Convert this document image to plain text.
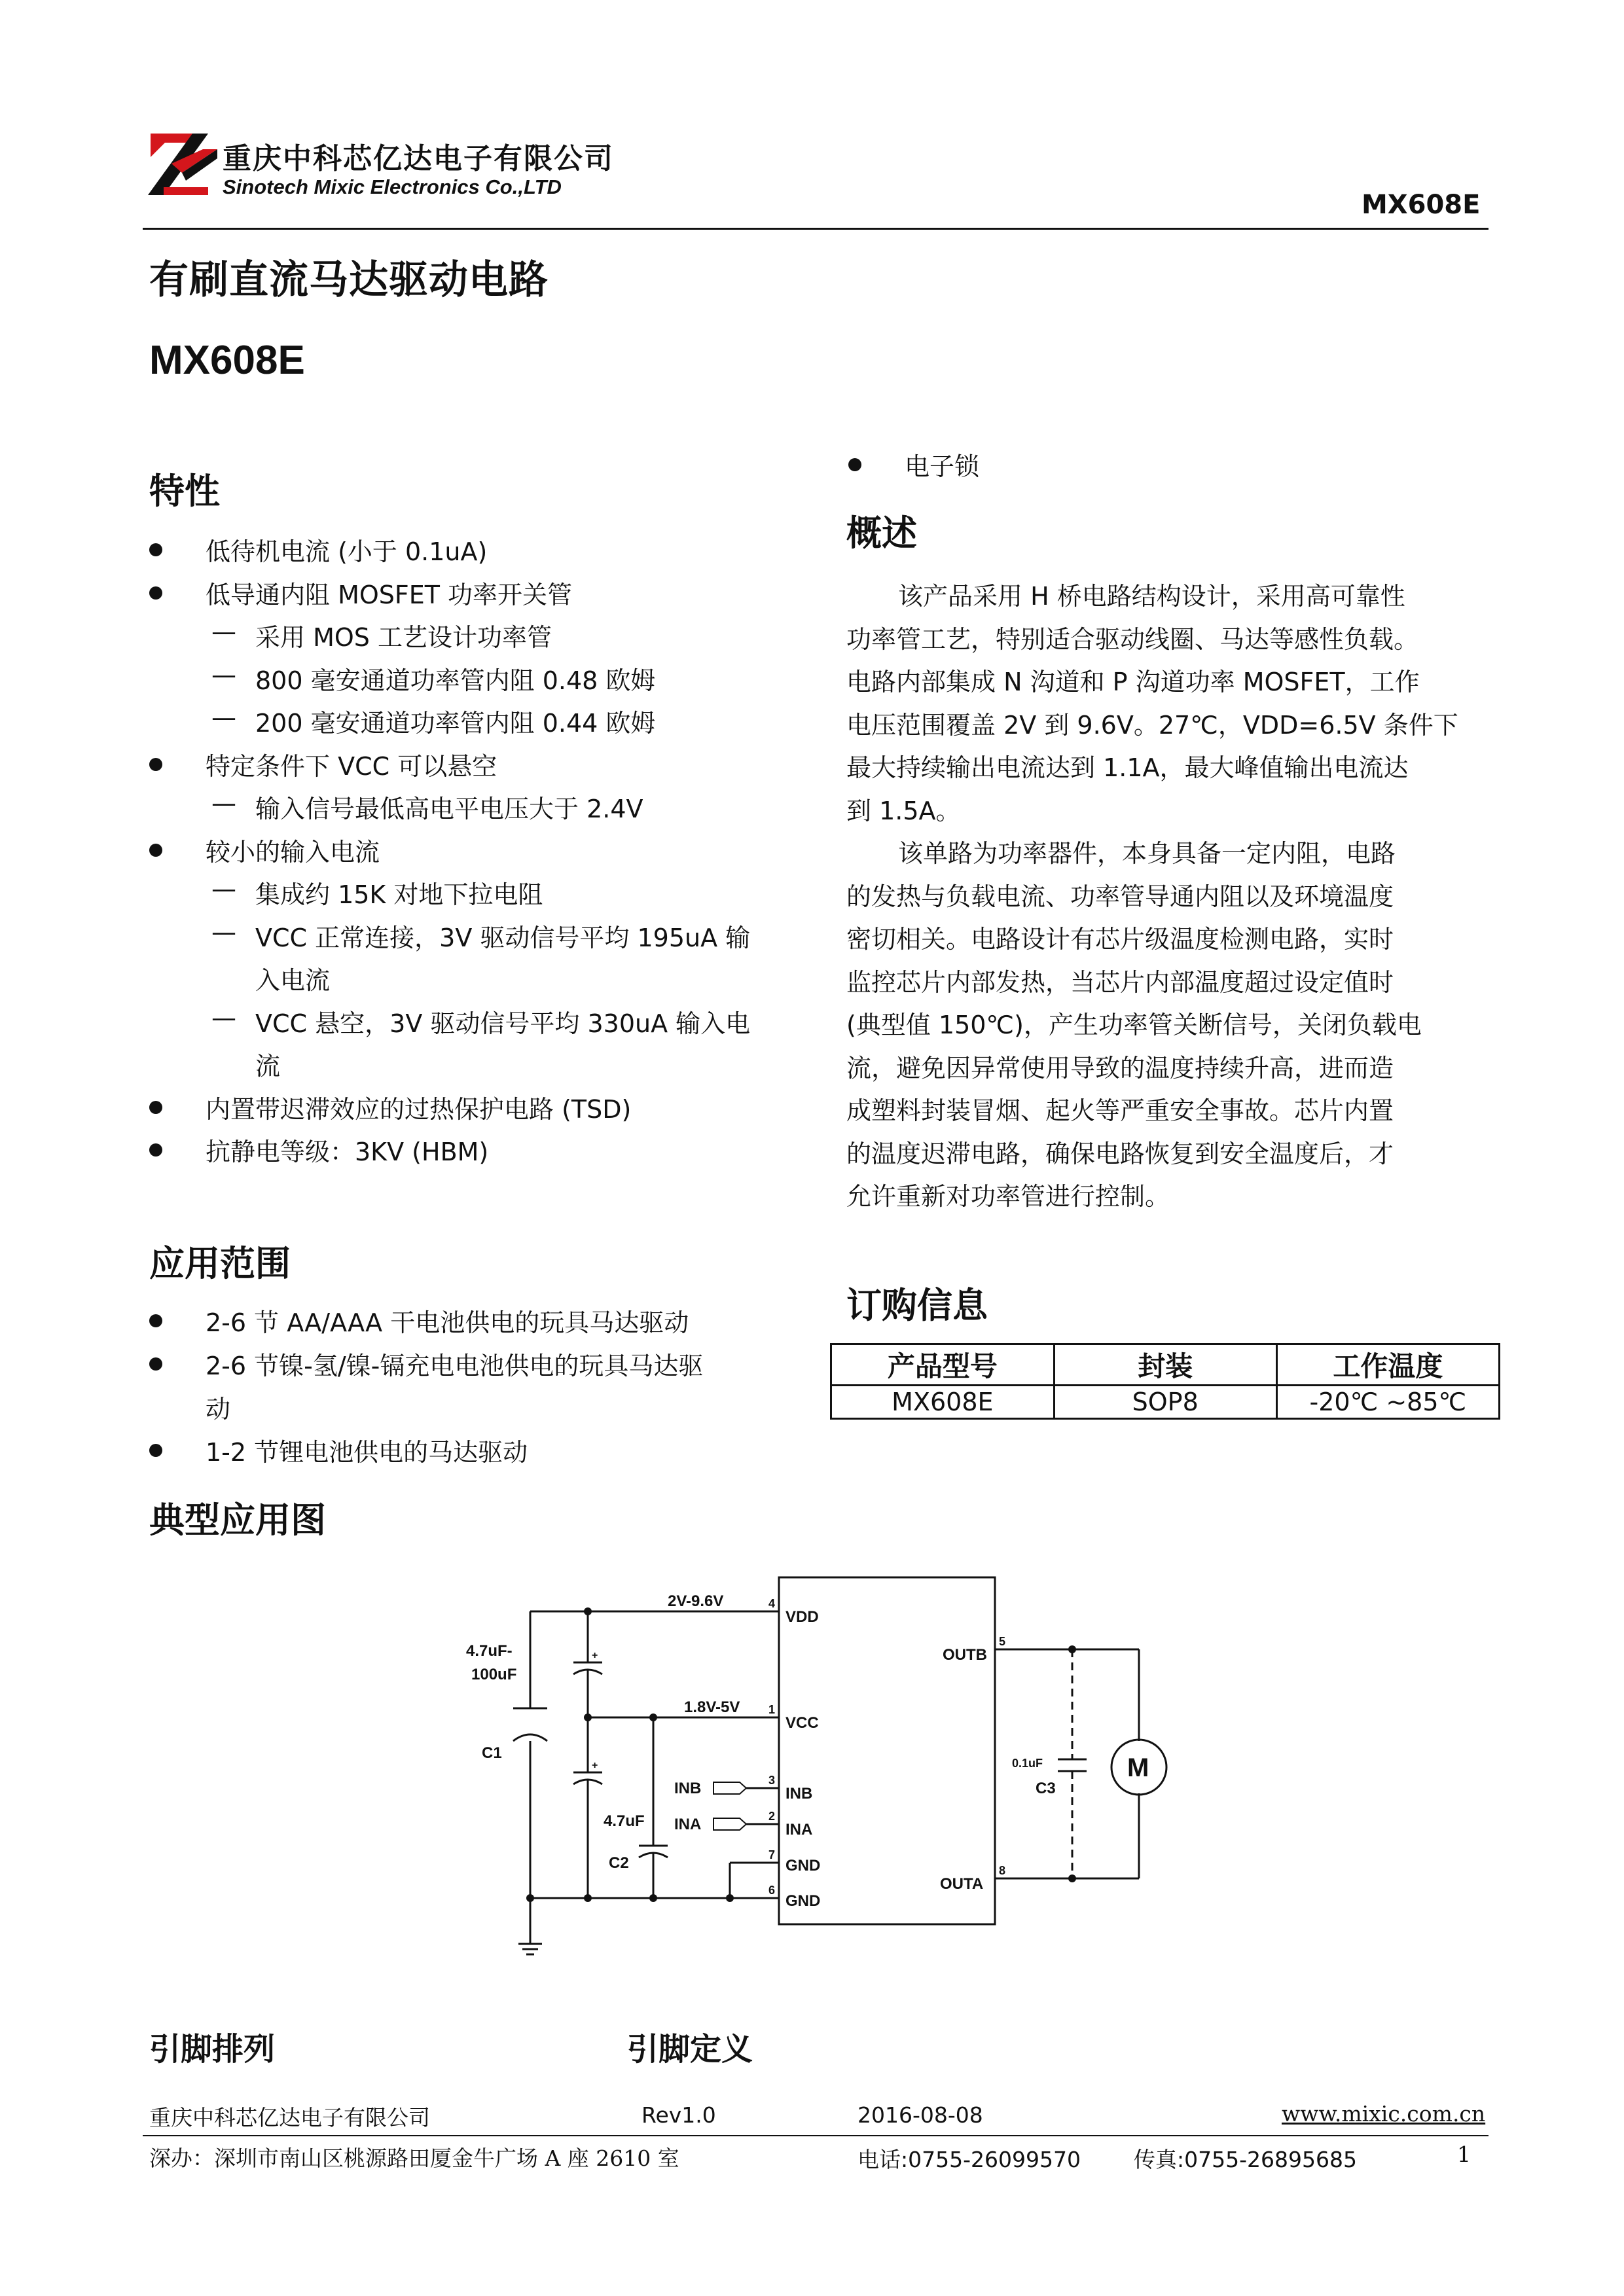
重庆中科芯亿达电子有限公司
Sinotech Mixic Electronics Co.,LTD
MX608E
有刷直流马达驱动电路
MX608E
特性
低待机电流 (小于 0.1uA)
低导通内阻 MOSFET 功率开关管
— 采用 MOS 工艺设计功率管
— 800 毫安通道功率管内阻 0.48 欧姆
— 200 毫安通道功率管内阻 0.44 欧姆
特定条件下 VCC 可以悬空
— 输入信号最低高电平电压大于 2.4V
较小的输入电流
— 集成约 15K 对地下拉电阻
— VCC 正常连接，3V 驱动信号平均 195uA 输
入电流
— VCC 悬空，3V 驱动信号平均 330uA 输入电
流
内置带迟滞效应的过热保护电路 (TSD)
抗静电等级：3KV (HBM)
电子锁
概述
该产品采用 H 桥电路结构设计，采用高可靠性
功率管工艺，特别适合驱动线圈、马达等感性负载。
电路内部集成 N 沟道和 P 沟道功率 MOSFET，工作
电压范围覆盖 2V 到 9.6V。27℃，VDD=6.5V 条件下
最大持续输出电流达到 1.1A，最大峰值输出电流达
到 1.5A。
该单路为功率器件，本身具备一定内阻，电路
的发热与负载电流、功率管导通内阻以及环境温度
密切相关。电路设计有芯片级温度检测电路，实时
监控芯片内部发热，当芯片内部温度超过设定值时
(典型值 150℃)，产生功率管关断信号，关闭负载电
流，避免因异常使用导致的温度持续升高，进而造
成塑料封装冒烟、起火等严重安全事故。芯片内置
的温度迟滞电路，确保电路恢复到安全温度后，才
允许重新对功率管进行控制。
应用范围
2-6 节 AA/AAA 干电池供电的玩具马达驱动
2-6 节镍-氢/镍-镉充电电池供电的玩具马达驱
动
1-2 节锂电池供电的马达驱动
订购信息
产品型号	封装	工作温度
MX608E	SOP8	-20℃ ~85℃
典型应用图
2V-9.6V
1.8V-5V
4.7uF-
100uF
C1
4.7uF
C2
0.1uF
C3
INB
INA
VDD
VCC
INB
INA
GND
GND
OUTB
OUTA
4
1
3
2
7
6
5
8
M
+
+
引脚排列	引脚定义
重庆中科芯亿达电子有限公司	Rev1.0	2016-08-08	www.mixic.com.cn
深办：深圳市南山区桃源路田厦金牛广场 A 座 2610 室	电话:0755-26099570 传真:0755-26895685	1
